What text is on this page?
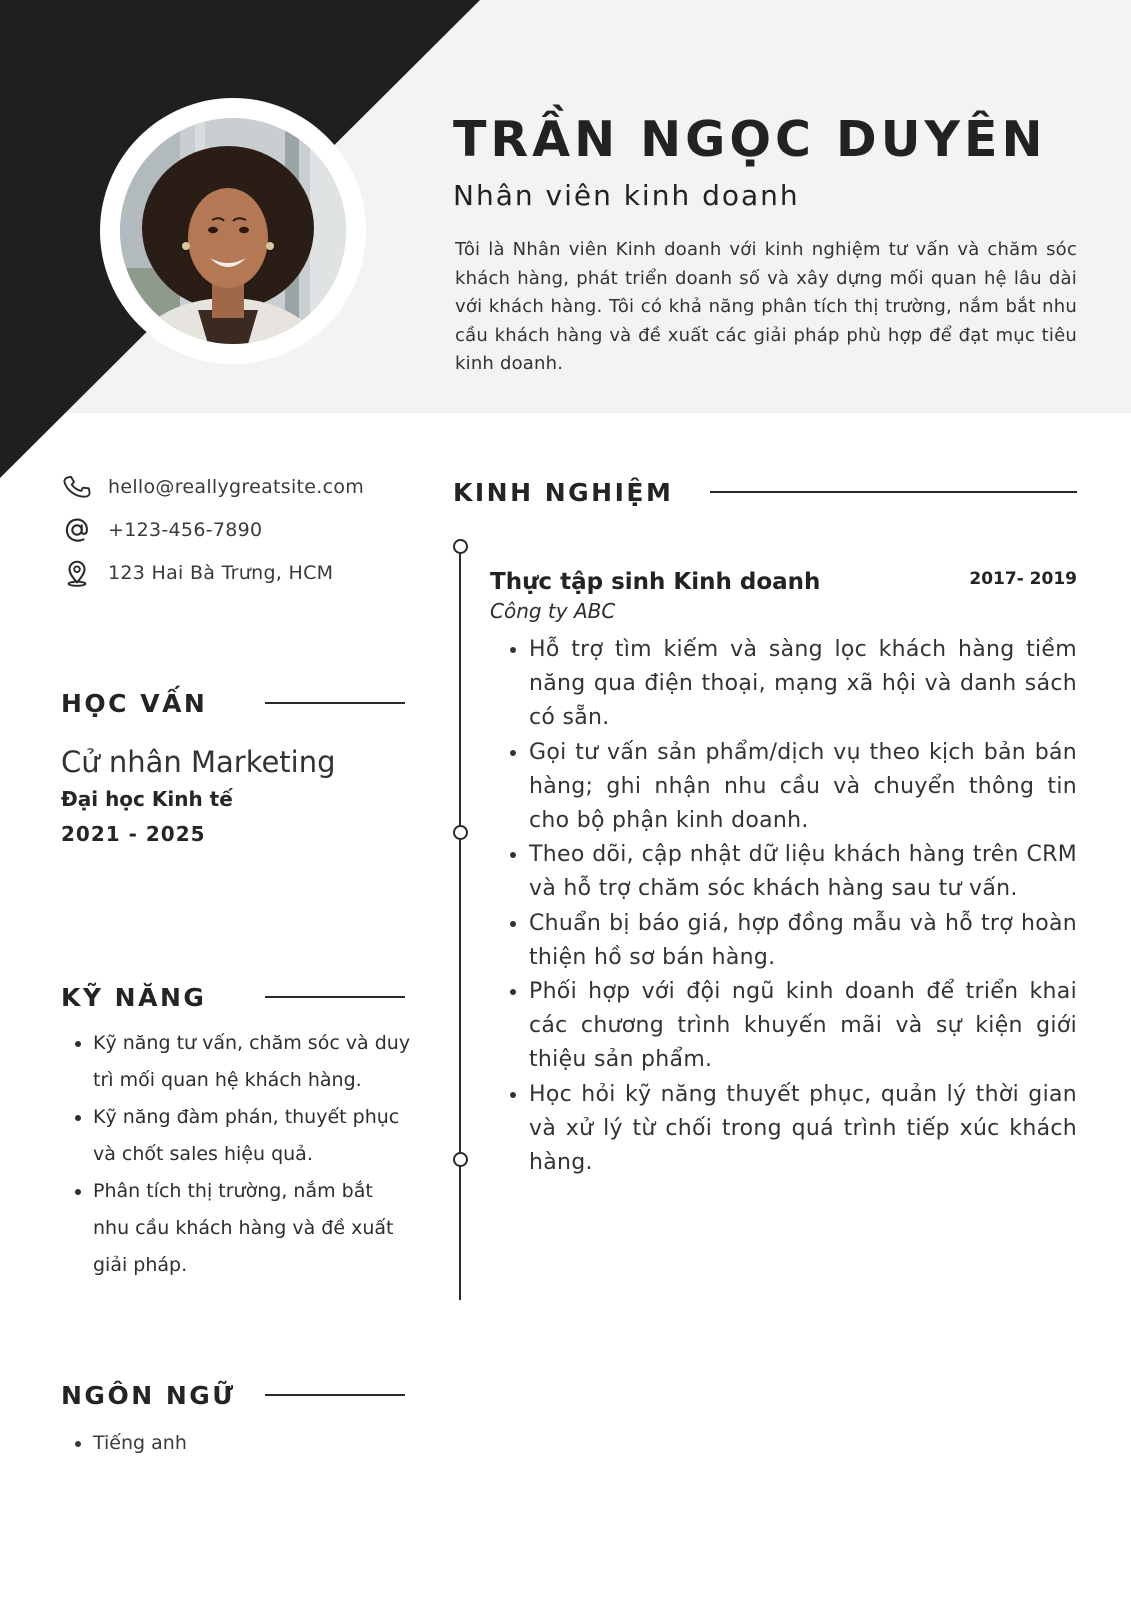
TRẦN NGỌC DUYÊN
Nhân viên kinh doanh

Tôi là Nhân viên Kinh doanh với kinh nghiệm tư vấn và chăm sóc khách hàng, phát triển doanh số và xây dựng mối quan hệ lâu dài với khách hàng. Tôi có khả năng phân tích thị trường, nắm bắt nhu cầu khách hàng và đề xuất các giải pháp phù hợp để đạt mục tiêu kinh doanh.

hello@reallygreatsite.com
+123-456-7890
123 Hai Bà Trưng, HCM
HỌC VẤN
Cử nhân Marketing
Đại học Kinh tế
2021 - 2025
KỸ NĂNG
• Kỹ năng tư vấn, chăm sóc và duy trì mối quan hệ khách hàng.
• Kỹ năng đàm phán, thuyết phục và chốt sales hiệu quả.
• Phân tích thị trường, nắm bắt nhu cầu khách hàng và đề xuất giải pháp.
NGÔN NGỮ
• Tiếng anh
KINH NGHIỆM
Thực tập sinh Kinh doanh	2017- 2019
Công ty ABC
• Hỗ trợ tìm kiếm và sàng lọc khách hàng tiềm năng qua điện thoại, mạng xã hội và danh sách có sẵn.
• Gọi tư vấn sản phẩm/dịch vụ theo kịch bản bán hàng; ghi nhận nhu cầu và chuyển thông tin cho bộ phận kinh doanh.
• Theo dõi, cập nhật dữ liệu khách hàng trên CRM và hỗ trợ chăm sóc khách hàng sau tư vấn.
• Chuẩn bị báo giá, hợp đồng mẫu và hỗ trợ hoàn thiện hồ sơ bán hàng.
• Phối hợp với đội ngũ kinh doanh để triển khai các chương trình khuyến mãi và sự kiện giới thiệu sản phẩm.
• Học hỏi kỹ năng thuyết phục, quản lý thời gian và xử lý từ chối trong quá trình tiếp xúc khách hàng.
